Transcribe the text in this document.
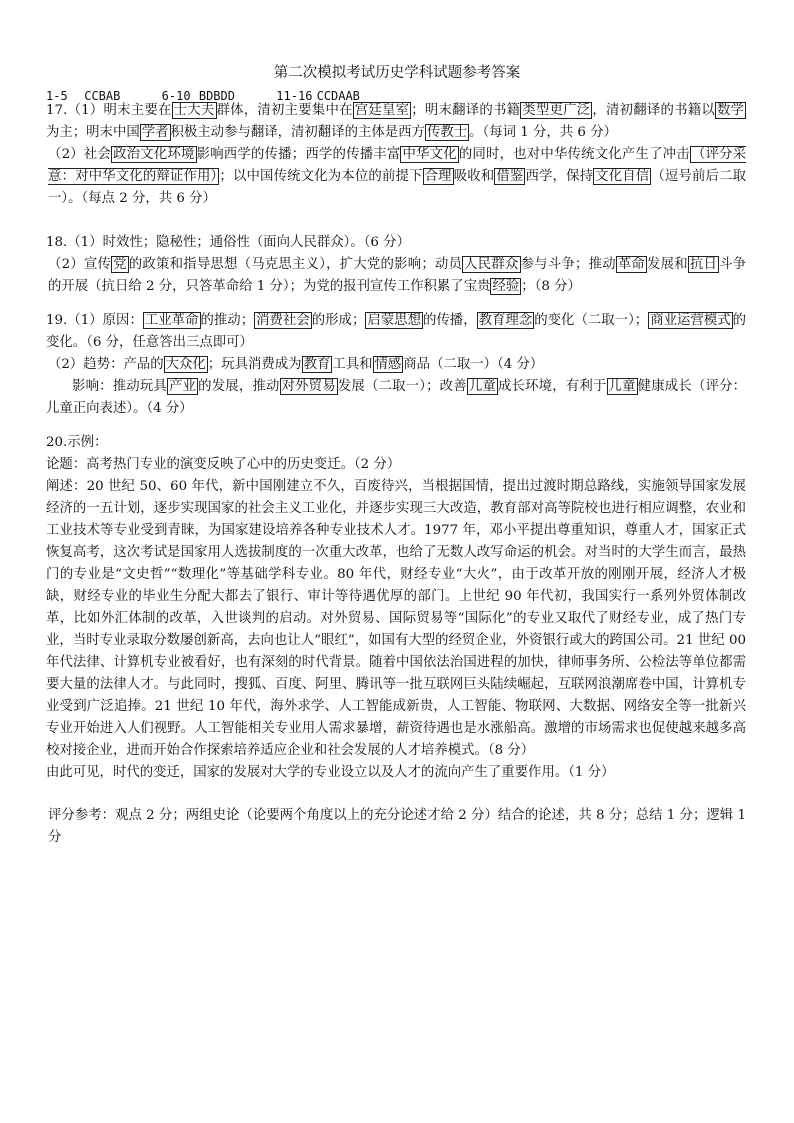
第二次模拟考试历史学科试题参考答案
1-5 CCBAB	6-10 BDBDD	11-16 CCDAAB

17.（1）明末主要在 士大夫 群体，清初主要集中在 宫廷皇室 ；明末翻译的书籍 类型更广泛 ，清初翻译的书籍以 数学为主；明末中国 学者 积极主动参与翻译，清初翻译的主体是西方 传教士 。（每词 1 分，共 6 分）

（2）社会 政治文化环境 影响西学的传播；西学的传播丰富 中华文化 的同时，也对中华传统文化产生了冲击 （评分采意：对中华文化的辩证作用） ；以中国传统文化为本位的前提下 合理 吸收和 借鉴 西学，保持 文化自信 （逗号前后二取一）。（每点 2 分，共 6 分）

18.（1）时效性；隐秘性；通俗性（面向人民群众）。（6 分）

（2）宣传 党 的政策和指导思想（马克思主义），扩大党的影响；动员 人民群众 参与斗争；推动 革命 发展和 抗日 斗争的开展（抗日给 2 分，只答革命给 1 分）；为党的报刊宣传工作积累了宝贵 经验 ；（8 分）

19.（1）原因： 工业革命 的推动； 消费社会 的形成； 启蒙思想 的传播， 教育理念 的变化（二取一）； 商业运营模式 的变化。（6 分，任意答出三点即可）

（2）趋势：产品的 大众化 ；玩具消费成为 教育 工具和 情感 商品（二取一）（4 分）

影响：推动玩具 产业 的发展，推动 对外贸易 发展（二取一）；改善 儿童 成长环境，有利于 儿童 健康成长（评分：儿童正向表述）。（4 分）

20.示例：

论题：高考热门专业的演变反映了心中的历史变迁。（2 分）

阐述：20 世纪 50、60 年代，新中国刚建立不久，百废待兴，当根据国情，提出过渡时期总路线，实施领导国家发展经济的一五计划，逐步实现国家的社会主义工业化，并逐步实现三大改造，教育部对高等院校也进行相应调整，农业和工业技术等专业受到青睐，为国家建设培养各种专业技术人才。1977 年，邓小平提出尊重知识，尊重人才，国家正式恢复高考，这次考试是国家用人选拔制度的一次重大改革，也给了无数人改写命运的机会。对当时的大学生而言，最热门的专业是“文史哲”“数理化”等基础学科专业。80 年代，财经专业“大火”，由于改革开放的刚刚开展，经济人才极缺，财经专业的毕业生分配大都去了银行、审计等待遇优厚的部门。上世纪 90 年代初，我国实行一系列外贸体制改革，比如外汇体制的改革，入世谈判的启动。对外贸易、国际贸易等“国际化”的专业又取代了财经专业，成了热门专业，当时专业录取分数屡创新高，去向也让人“眼红”，如国有大型的经贸企业，外资银行或大的跨国公司。21 世纪 00 年代法律、计算机专业被看好，也有深刻的时代背景。随着中国依法治国进程的加快，律师事务所、公检法等单位都需要大量的法律人才。与此同时，搜狐、百度、阿里、腾讯等一批互联网巨头陆续崛起，互联网浪潮席卷中国，计算机专业受到广泛追捧。21 世纪 10 年代，海外求学、人工智能成新贵，人工智能、物联网、大数据、网络安全等一批新兴专业开始进入人们视野。人工智能相关专业用人需求暴增，薪资待遇也是水涨船高。激增的市场需求也促使越来越多高校对接企业，进而开始合作探索培养适应企业和社会发展的人才培养模式。（8 分）

由此可见，时代的变迁，国家的发展对大学的专业设立以及人才的流向产生了重要作用。（1 分）

评分参考：观点 2 分；两组史论（论要两个角度以上的充分论述才给 2 分）结合的论述，共 8 分；总结 1 分；逻辑 1 分
